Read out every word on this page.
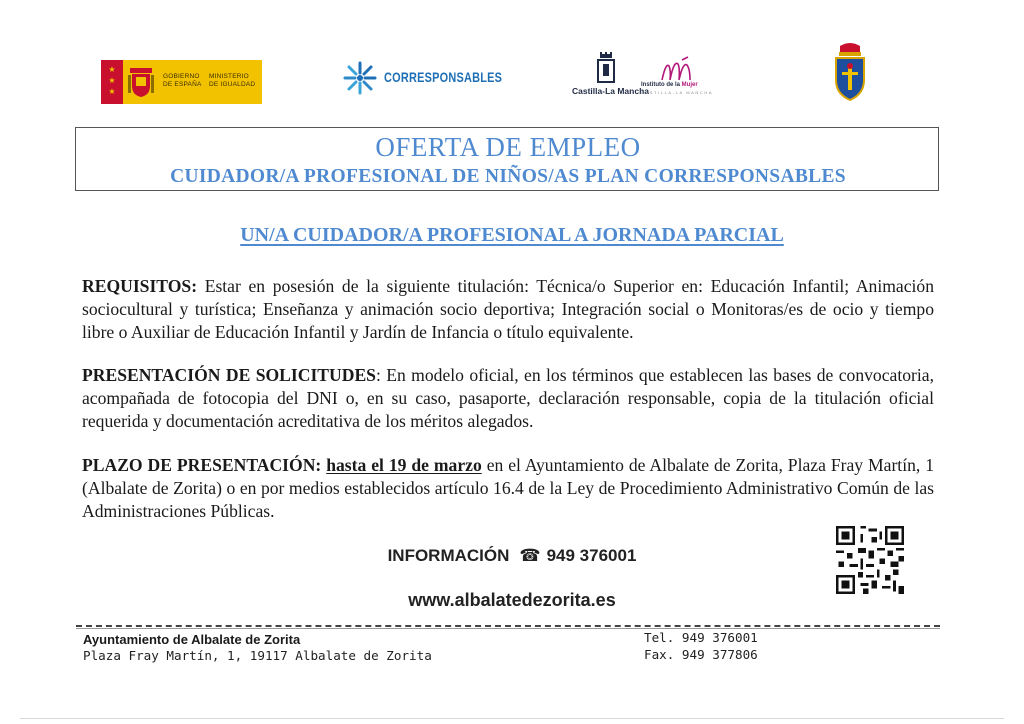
★
★
★
GOBIERNO
DE ESPAÑA
MINISTERIO
DE IGUALDAD	CORRESPONSABLES
Castilla-La Mancha
Instituto de la Mujer
CASTILLA-LA MANCHA
OFERTA DE EMPLEO
CUIDADOR/A PROFESIONAL DE NIÑOS/AS PLAN CORRESPONSABLES
UN/A CUIDADOR/A PROFESIONAL A JORNADA PARCIAL

REQUISITOS: Estar en posesión de la siguiente titulación: Técnica/o Superior en: Educación Infantil; Animación sociocultural y turística; Enseñanza y animación socio deportiva; Integración social o Monitoras/es de ocio y tiempo libre o Auxiliar de Educación Infantil y Jardín de Infancia o título equivalente.

PRESENTACIÓN DE SOLICITUDES: En modelo oficial, en los términos que establecen las bases de convocatoria, acompañada de fotocopia del DNI o, en su caso, pasaporte, declaración responsable, copia de la titulación oficial requerida y documentación acreditativa de los méritos alegados.

PLAZO DE PRESENTACIÓN: hasta el 19 de marzo en el Ayuntamiento de Albalate de Zorita, Plaza Fray Martín, 1 (Albalate de Zorita) o en por medios establecidos artículo 16.4 de la Ley de Procedimiento Administrativo Común de las Administraciones Públicas.

INFORMACIÓN ☎ 949 376001
www.albalatedezorita.es
Ayuntamiento de Albalate de Zorita
Plaza Fray Martín, 1, 19117 Albalate de Zorita
Tel. 949 376001
Fax. 949 377806
